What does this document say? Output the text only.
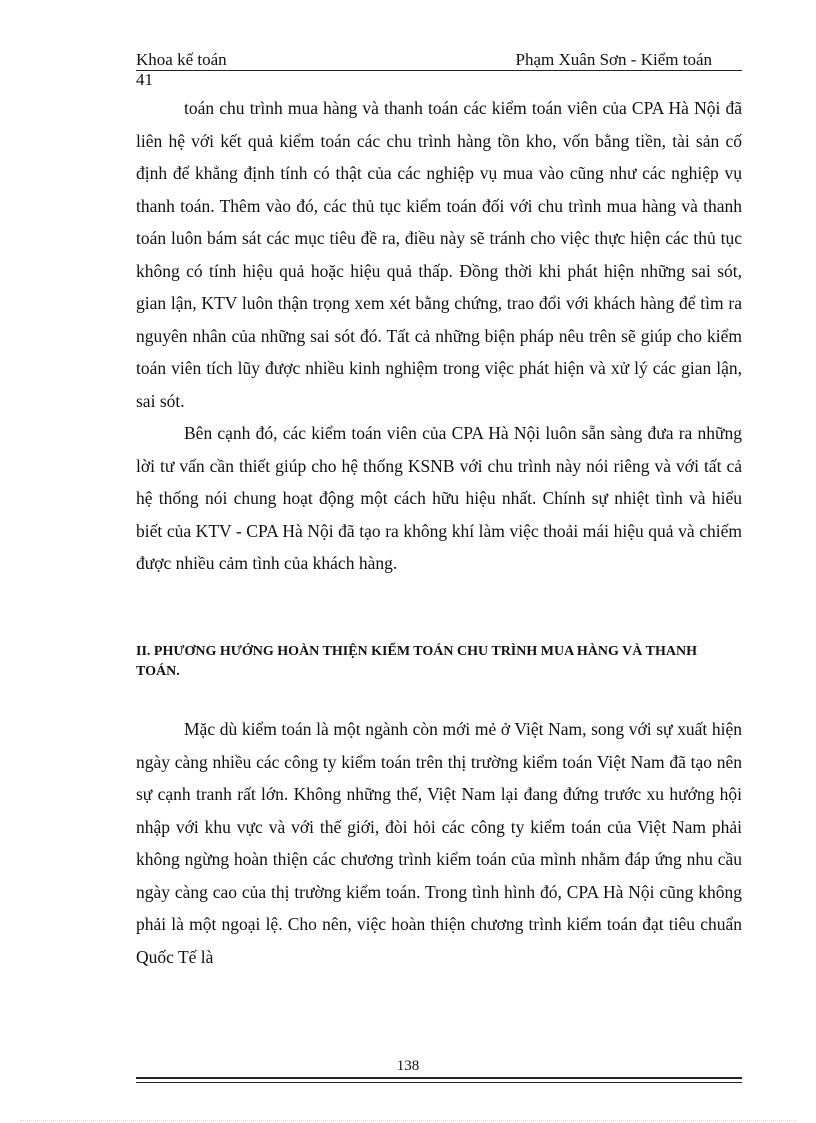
Khoa kế toán	Phạm Xuân Sơn - Kiểm toán
41

toán chu trình mua hàng và thanh toán các kiểm toán viên của CPA Hà Nội đã liên hệ với kết quả kiểm toán các chu trình hàng tồn kho, vốn bằng tiền, tài sản cố định để khẳng định tính có thật của các nghiệp vụ mua vào cũng như các nghiệp vụ thanh toán. Thêm vào đó, các thủ tục kiểm toán đối với chu trình mua hàng và thanh toán luôn bám sát các mục tiêu đề ra, điều này sẽ tránh cho việc thực hiện các thủ tục không có tính hiệu quả hoặc hiệu quả thấp. Đồng thời khi phát hiện những sai sót, gian lận, KTV luôn thận trọng xem xét bằng chứng, trao đổi với khách hàng để tìm ra nguyên nhân của những sai sót đó. Tất cả những biện pháp nêu trên sẽ giúp cho kiểm toán viên tích lũy được nhiều kinh nghiệm trong việc phát hiện và xử lý các gian lận, sai sót.

Bên cạnh đó, các kiểm toán viên của CPA Hà Nội luôn sẵn sàng đưa ra những lời tư vấn cần thiết giúp cho hệ thống KSNB với chu trình này nói riêng và với tất cả hệ thống nói chung hoạt động một cách hữu hiệu nhất. Chính sự nhiệt tình và hiểu biết của KTV - CPA Hà Nội đã tạo ra không khí làm việc thoải mái hiệu quả và chiếm được nhiều cảm tình của khách hàng.

II. PHƯƠNG HƯỚNG HOÀN THIỆN KIỂM TOÁN CHU TRÌNH MUA HÀNG VÀ THANH TOÁN.

Mặc dù kiểm toán là một ngành còn mới mẻ ở Việt Nam, song với sự xuất hiện ngày càng nhiều các công ty kiểm toán trên thị trường kiểm toán Việt Nam đã tạo nên sự cạnh tranh rất lớn. Không những thế, Việt Nam lại đang đứng trước xu hướng hội nhập với khu vực và với thế giới, đòi hỏi các công ty kiểm toán của Việt Nam phải không ngừng hoàn thiện các chương trình kiểm toán của mình nhằm đáp ứng nhu cầu ngày càng cao của thị trường kiểm toán. Trong tình hình đó, CPA Hà Nội cũng không phải là một ngoại lệ. Cho nên, việc hoàn thiện chương trình kiểm toán đạt tiêu chuẩn Quốc Tế là

138
